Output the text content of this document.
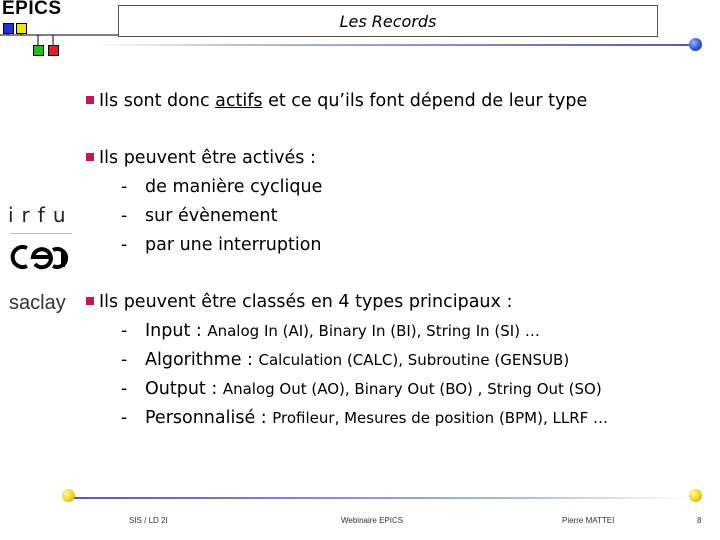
EPICS
Les Records
irfu
saclay
Ils sont donc actifs et ce qu’ils font dépend de leur type
Ils peuvent être activés :
- de manière cyclique
- sur évènement
- par une interruption
Ils peuvent être classés en 4 types principaux :
- Input : Analog In (AI), Binary In (BI), String In (SI) …
- Algorithme : Calculation (CALC), Subroutine (GENSUB)
- Output : Analog Out (AO), Binary Out (BO) , String Out (SO)
- Personnalisé : Profileur, Mesures de position (BPM), LLRF …
SIS / LD 2I	Webinaire EPICS	Pierre MATTEI	8
